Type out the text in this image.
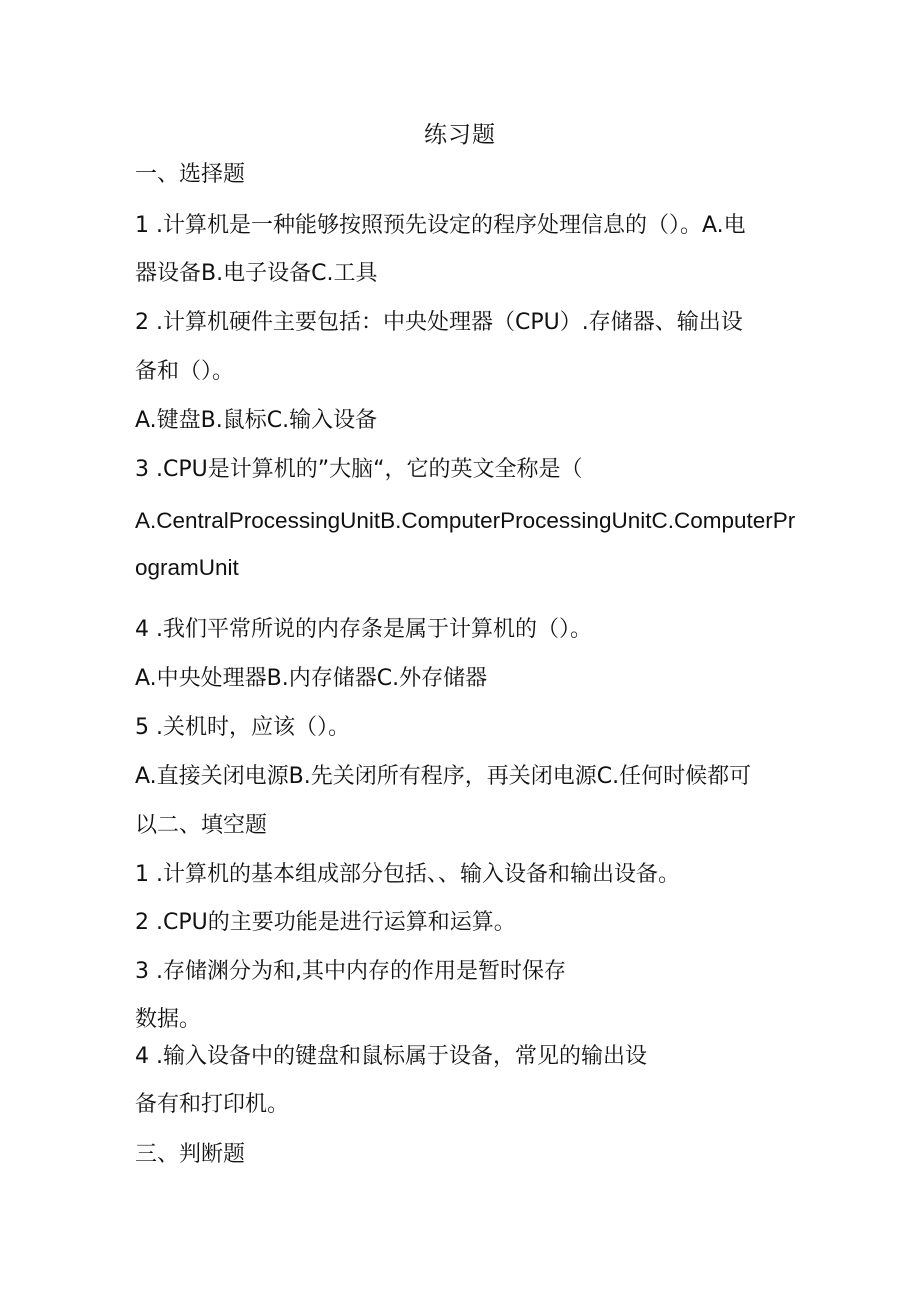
练习题
一、选择题
1 .计算机是一种能够按照预先设定的程序处理信息的（）。A.电
器设备B.电子设备C.工具
2 .计算机硬件主要包括：中央处理器（CPU）.存储器、输出设
备和（）。
A.键盘B.鼠标C.输入设备
3 .CPU是计算机的”大脑“，它的英文全称是（
A.CentralProcessingUnitB.ComputerProcessingUnitC.ComputerPr
ogramUnit
4 .我们平常所说的内存条是属于计算机的（）。
A.中央处理器B.内存储器C.外存储器
5 .关机时，应该（）。
A.直接关闭电源B.先关闭所有程序，再关闭电源C.任何时候都可
以二、填空题
1 .计算机的基本组成部分包括、、输入设备和输出设备。
2 .CPU的主要功能是进行运算和运算。
3 .存储渊分为和,其中内存的作用是暂时保存
数据。
4 .输入设备中的键盘和鼠标属于设备，常见的输出设
备有和打印机。
三、判断题
